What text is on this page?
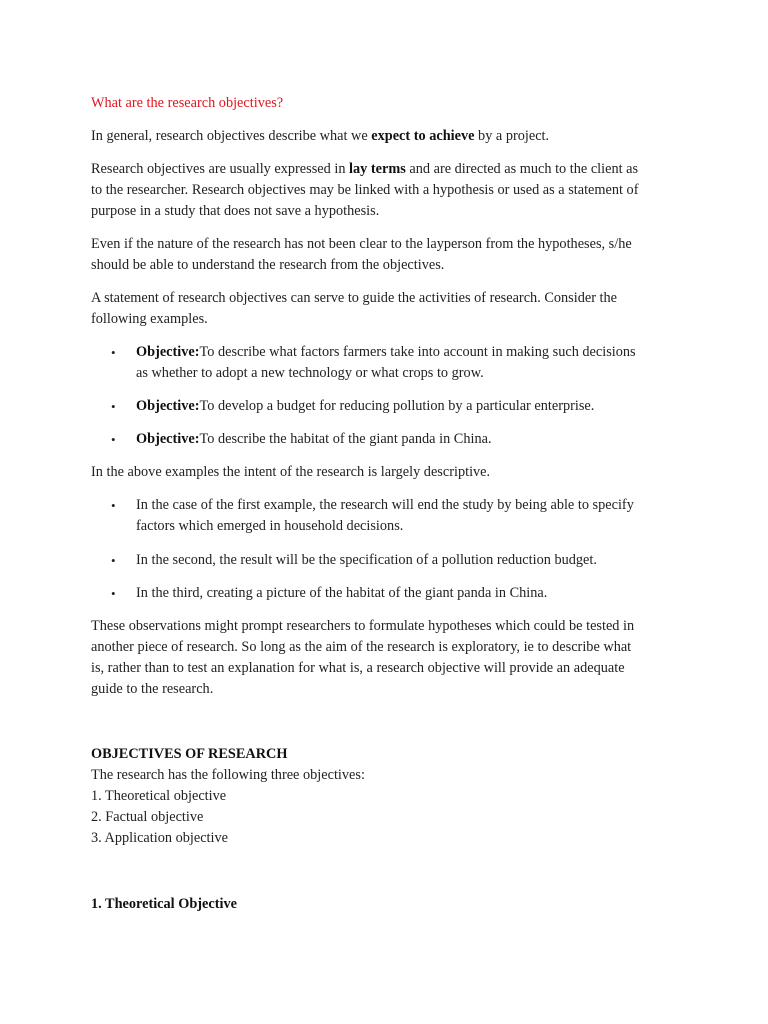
What are the research objectives?
In general, research objectives describe what we expect to achieve by a project.
Research objectives are usually expressed in lay terms and are directed as much to the client as
to the researcher. Research objectives may be linked with a hypothesis or used as a statement of
purpose in a study that does not save a hypothesis.
Even if the nature of the research has not been clear to the layperson from the hypotheses, s/he
should be able to understand the research from the objectives.
A statement of research objectives can serve to guide the activities of research. Consider the
following examples.
• Objective:To describe what factors farmers take into account in making such decisions
as whether to adopt a new technology or what crops to grow.
• Objective:To develop a budget for reducing pollution by a particular enterprise.
• Objective:To describe the habitat of the giant panda in China.
In the above examples the intent of the research is largely descriptive.
• In the case of the first example, the research will end the study by being able to specify
factors which emerged in household decisions.
• In the second, the result will be the specification of a pollution reduction budget.
• In the third, creating a picture of the habitat of the giant panda in China.
These observations might prompt researchers to formulate hypotheses which could be tested in
another piece of research. So long as the aim of the research is exploratory, ie to describe what
is, rather than to test an explanation for what is, a research objective will provide an adequate
guide to the research.
OBJECTIVES OF RESEARCH
The research has the following three objectives:
1. Theoretical objective
2. Factual objective
3. Application objective
1. Theoretical Objective
